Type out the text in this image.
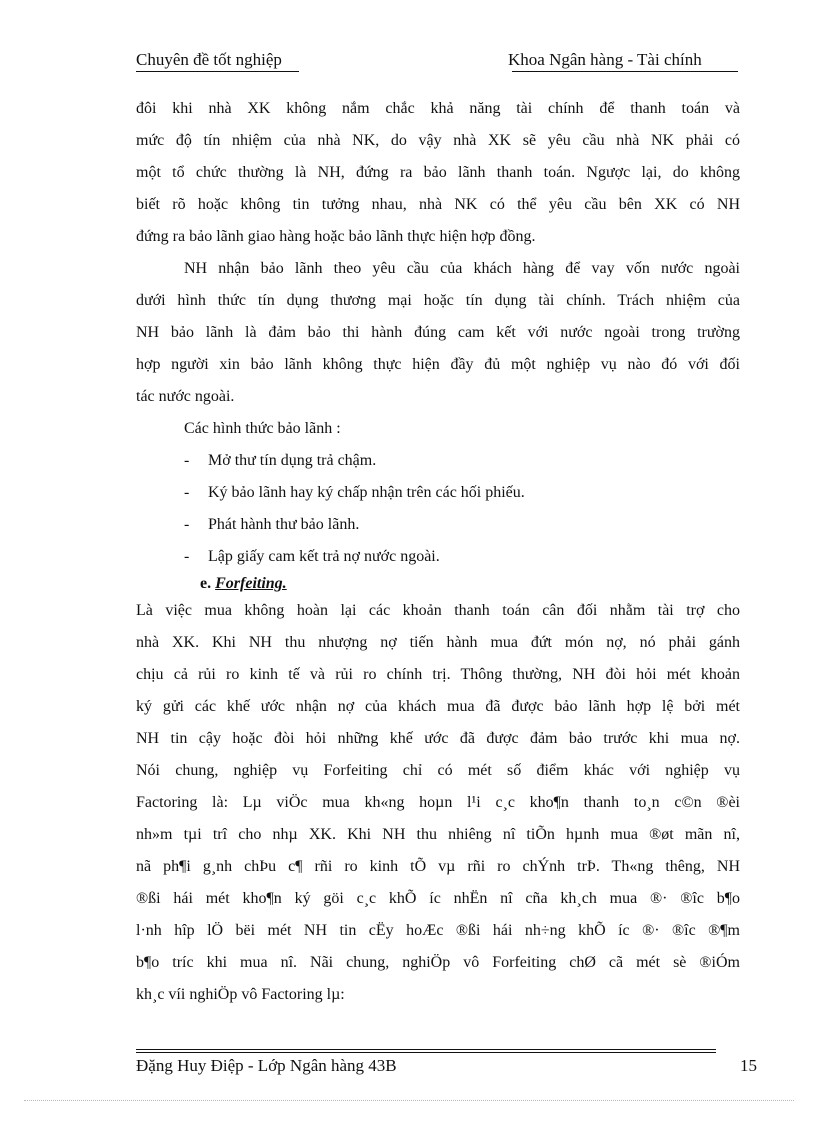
Chuyên đề tốt nghiệp	Khoa Ngân hàng - Tài chính
đôi khi nhà XK không nắm chắc khả năng tài chính để thanh toán và
mức độ tín nhiệm của nhà NK, do vậy nhà XK sẽ yêu cầu nhà NK phải có
một tổ chức thường là NH, đứng ra bảo lãnh thanh toán. Ngược lại, do không
biết rõ hoặc không tin tưởng nhau, nhà NK có thể yêu cầu bên XK có NH
đứng ra bảo lãnh giao hàng hoặc bảo lãnh thực hiện hợp đồng.
NH nhận bảo lãnh theo yêu cầu của khách hàng để vay vốn nước ngoài
dưới hình thức tín dụng thương mại hoặc tín dụng tài chính. Trách nhiệm của
NH bảo lãnh là đảm bảo thi hành đúng cam kết với nước ngoài trong trường
hợp người xin bảo lãnh không thực hiện đầy đủ một nghiệp vụ nào đó với đối
tác nước ngoài.
Các hình thức bảo lãnh :
-	Mở thư tín dụng trả chậm.
-	Ký bảo lãnh hay ký chấp nhận trên các hối phiếu.
-	Phát hành thư bảo lãnh.
-	Lập giấy cam kết trả nợ nước ngoài.
e. Forfeiting.
Là việc mua không hoàn lại các khoản thanh toán cân đối nhằm tài trợ cho
nhà XK. Khi NH thu nhượng nợ tiến hành mua đứt món nợ, nó phải gánh
chịu cả rủi ro kinh tế và rủi ro chính trị. Thông thường, NH đòi hỏi mét khoản
ký gửi các khế ước nhận nợ của khách mua đã được bảo lãnh hợp lệ bởi mét
NH tin cậy hoặc đòi hỏi những khế ước đã được đảm bảo trước khi mua nợ.
Nói chung, nghiệp vụ Forfeiting chỉ có mét số điểm khác với nghiệp vụ
Factoring là: Lµ viÖc mua kh«ng hoµn l¹i c¸c kho¶n thanh to¸n c©n ®èi
nh»m tµi trî cho nhµ XK. Khi NH thu nhiêng nî tiÕn hµnh mua ®øt mãn nî,
nã ph¶i g¸nh chÞu c¶ rñi ro kinh tÕ vµ rñi ro chÝnh trÞ. Th«ng thêng, NH
®ßi hái mét kho¶n ký göi c¸c khÕ íc nhËn nî cña kh¸ch mua ®· ®îc b¶o
l·nh hîp lÖ bëi mét NH tin cËy hoÆc ®ßi hái nh÷ng khÕ íc ®· ®îc ®¶m
b¶o tríc khi mua nî. Nãi chung, nghiÖp vô Forfeiting chØ cã mét sè ®iÓm
kh¸c víi nghiÖp vô Factoring lµ:
Đặng Huy Điệp - Lớp Ngân hàng 43B	15
